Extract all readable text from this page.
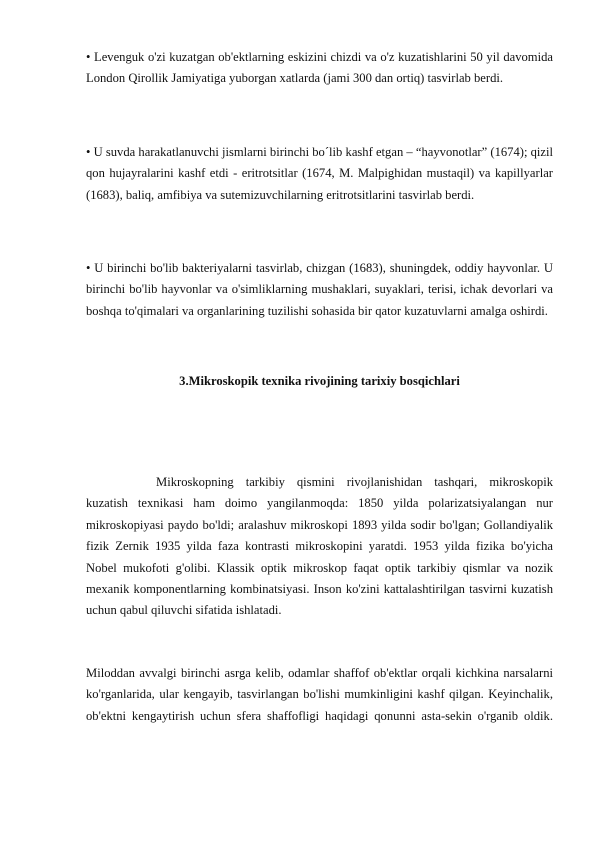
• Levenguk o'zi kuzatgan ob'ektlarning eskizini chizdi va o'z kuzatishlarini 50 yil davomida London Qirollik Jamiyatiga yuborgan xatlarda (jami 300 dan ortiq) tasvirlab berdi.

• U suvda harakatlanuvchi jismlarni birinchi bo´lib kashf etgan – “hayvonotlar” (1674); qizil qon hujayralarini kashf etdi - eritrotsitlar (1674, M. Malpighidan mustaqil) va kapillyarlar (1683), baliq, amfibiya va sutemizuvchilarning eritrotsitlarini tasvirlab berdi.

• U birinchi bo'lib bakteriyalarni tasvirlab, chizgan (1683), shuningdek, oddiy hayvonlar. U birinchi bo'lib hayvonlar va o'simliklarning mushaklari, suyaklari, terisi, ichak devorlari va boshqa to'qimalari va organlarining tuzilishi sohasida bir qator kuzatuvlarni amalga oshirdi.

3.Mikroskopik texnika rivojining tarixiy bosqichlari

Mikroskopning tarkibiy qismini rivojlanishidan tashqari, mikroskopik kuzatish texnikasi ham doimo yangilanmoqda: 1850 yilda polarizatsiyalangan nur mikroskopiyasi paydo bo'ldi; aralashuv mikroskopi 1893 yilda sodir bo'lgan; Gollandiyalik fizik Zernik 1935 yilda faza kontrasti mikroskopini yaratdi. 1953 yilda fizika bo'yicha Nobel mukofoti g'olibi. Klassik optik mikroskop faqat optik tarkibiy qismlar va nozik mexanik komponentlarning kombinatsiyasi. Inson ko'zini kattalashtirilgan tasvirni kuzatish uchun qabul qiluvchi sifatida ishlatadi.

Miloddan avvalgi birinchi asrga kelib, odamlar shaffof ob'ektlar orqali kichkina narsalarni ko'rganlarida, ular kengayib, tasvirlangan bo'lishi mumkinligini kashf qilgan. Keyinchalik, ob'ektni kengaytirish uchun sfera shaffofligi haqidagi qonunni asta-sekin o'rganib oldik.
